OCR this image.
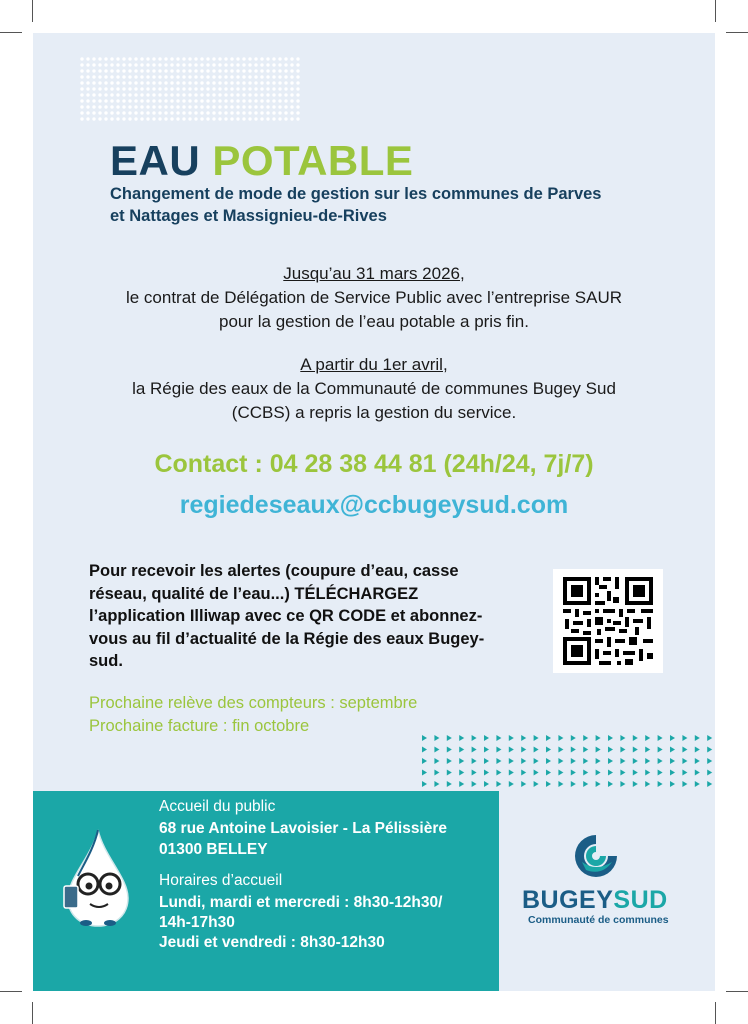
EAU POTABLE
Changement de mode de gestion sur les communes de Parves
et Nattages et Massignieu-de-Rives
Jusqu’au 31 mars 2026,
le contrat de Délégation de Service Public avec l’entreprise SAUR
pour la gestion de l’eau potable a pris fin.
A partir du 1er avril,
la Régie des eaux de la Communauté de communes Bugey Sud
(CCBS) a repris la gestion du service.
Contact : 04 28 38 44 81 (24h/24, 7j/7)
regiedeseaux@ccbugeysud.com
Pour recevoir les alertes (coupure d’eau, casse
réseau, qualité de l’eau...) TÉLÉCHARGEZ
l’application Illiwap avec ce QR CODE et abonnez-
vous au fil d’actualité de la Régie des eaux Bugey-
sud.
Prochaine relève des compteurs : septembre
Prochaine facture : fin octobre
Accueil du public
68 rue Antoine Lavoisier - La Pélissière
01300 BELLEY
Horaires d’accueil
Lundi, mardi et mercredi : 8h30-12h30/
14h-17h30
Jeudi et vendredi : 8h30-12h30
BUGEYSUD
Communauté de communes
